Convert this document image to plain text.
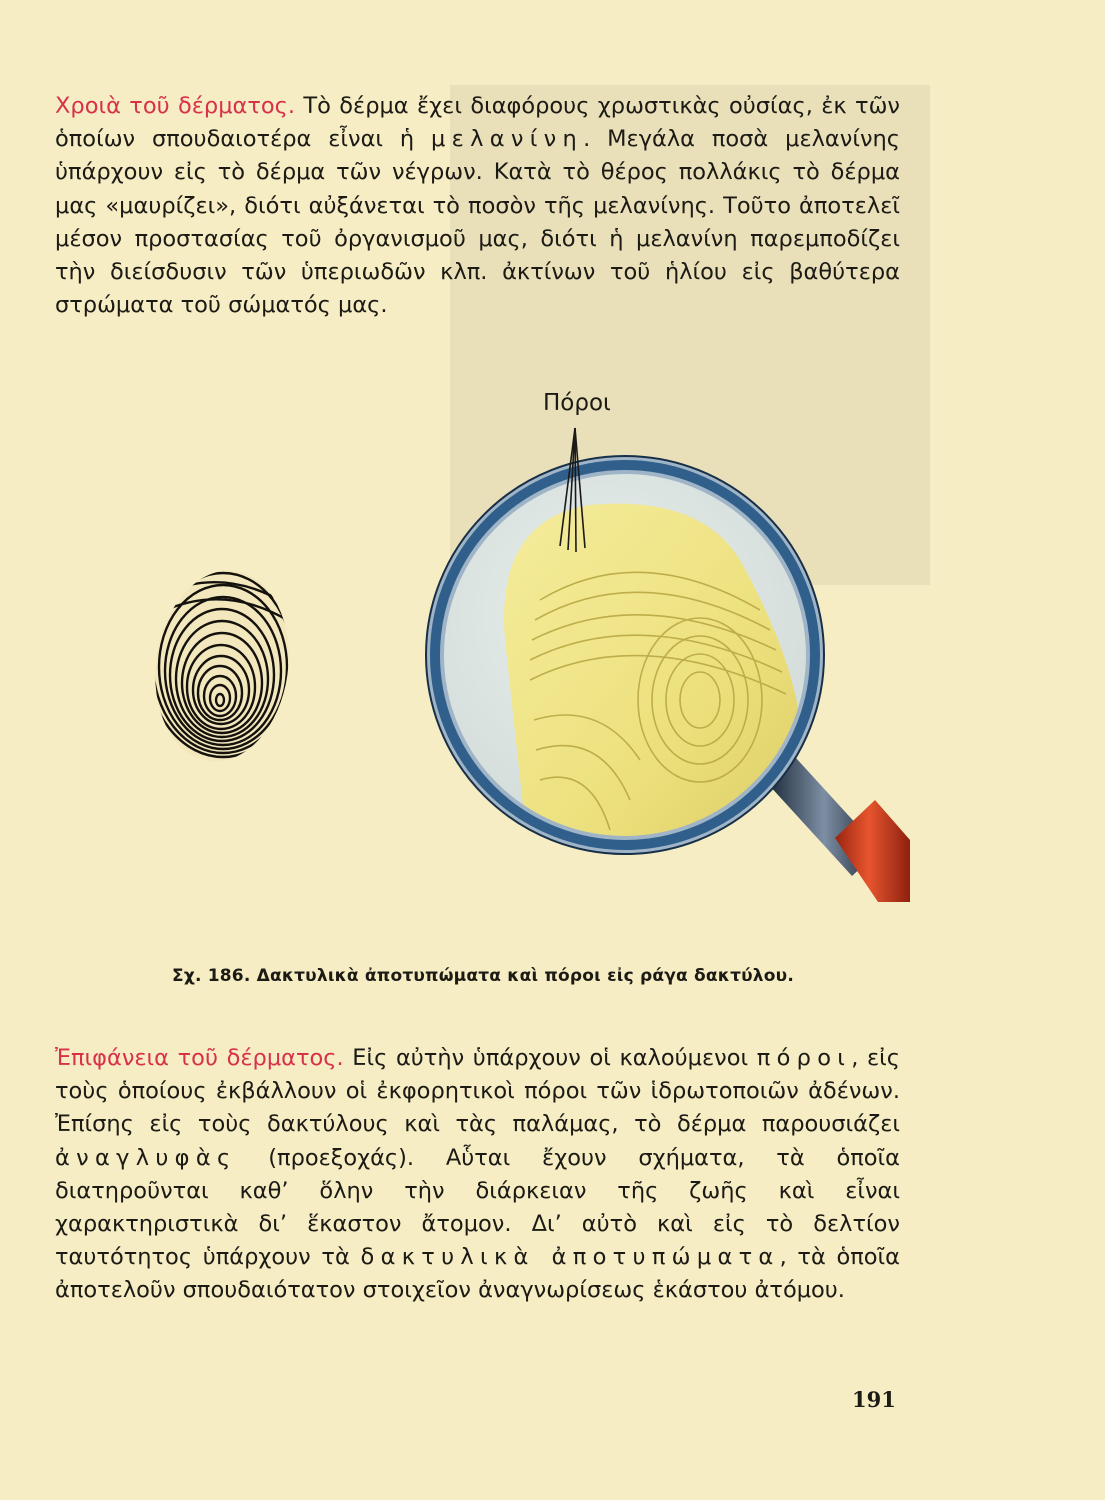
Χροιὰ τοῦ δέρματος. Τὸ δέρμα ἔχει διαφόρους χρωστικὰς οὐσίας, ἐκ τῶν ὁποίων σπουδαιοτέρα εἶναι ἡ μελανίνη. Μεγάλα ποσὰ μελανίνης ὑπάρχουν εἰς τὸ δέρμα τῶν νέγρων. Κατὰ τὸ θέρος πολλάκις τὸ δέρμα μας «μαυρίζει», διότι αὐξάνεται τὸ ποσὸν τῆς μελανίνης. Τοῦτο ἀποτελεῖ μέσον προστασίας τοῦ ὀργανισμοῦ μας, διότι ἡ μελανίνη παρεμποδίζει τὴν διείσδυσιν τῶν ὑπεριωδῶν κλπ. ἀκτίνων τοῦ ἡλίου εἰς βαθύτερα στρώματα τοῦ σώματός μας.

Πόροι
Σχ. 186. Δακτυλικὰ ἀποτυπώματα καὶ πόροι εἰς ράγα δακτύλου.

Ἐπιφάνεια τοῦ δέρματος. Εἰς αὐτὴν ὑπάρχουν οἱ καλούμενοι πόροι, εἰς τοὺς ὁποίους ἐκβάλλουν οἱ ἐκφορητικοὶ πόροι τῶν ἱδρωτοποιῶν ἀδένων. Ἐπίσης εἰς τοὺς δακτύλους καὶ τὰς παλάμας, τὸ δέρμα παρουσιάζει ἀναγλυφὰς (προεξοχάς). Αὗται ἔχουν σχήματα, τὰ ὁποῖα διατηροῦνται καθ’ ὅλην τὴν διάρκειαν τῆς ζωῆς καὶ εἶναι χαρακτηριστικὰ δι’ ἕκαστον ἄτομον. Δι’ αὐτὸ καὶ εἰς τὸ δελτίον ταυτότητος ὑπάρχουν τὰ δακτυλικὰ ἀποτυπώματα, τὰ ὁποῖα ἀποτελοῦν σπουδαιότατον στοιχεῖον ἀναγνωρίσεως ἑκάστου ἀτόμου.

191
